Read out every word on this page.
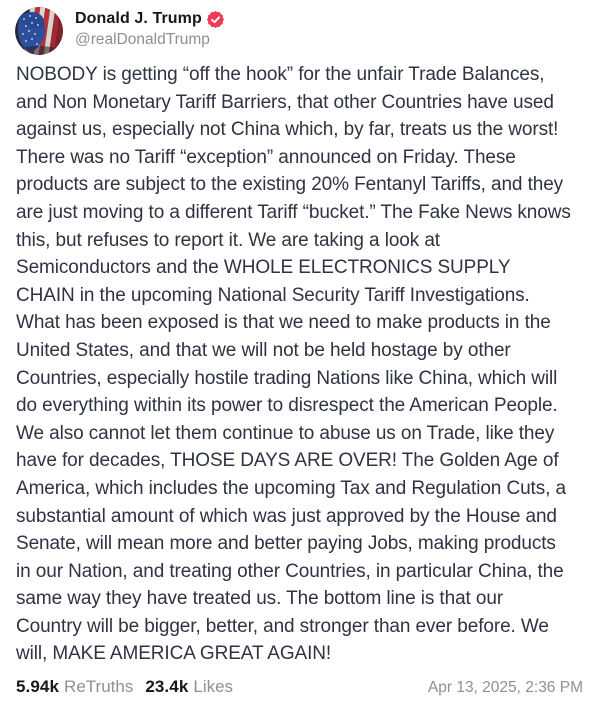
Donald J. Trump
@realDonaldTrump

NOBODY is getting “off the hook” for the unfair Trade Balances, and Non Monetary Tariff Barriers, that other Countries have used against us, especially not China which, by far, treats us the worst! There was no Tariff “exception” announced on Friday. These products are subject to the existing 20% Fentanyl Tariffs, and they are just moving to a different Tariff “bucket.” The Fake News knows this, but refuses to report it. We are taking a look at Semiconductors and the WHOLE ELECTRONICS SUPPLY CHAIN in the upcoming National Security Tariff Investigations. What has been exposed is that we need to make products in the United States, and that we will not be held hostage by other Countries, especially hostile trading Nations like China, which will do everything within its power to disrespect the American People. We also cannot let them continue to abuse us on Trade, like they have for decades, THOSE DAYS ARE OVER! The Golden Age of America, which includes the upcoming Tax and Regulation Cuts, a substantial amount of which was just approved by the House and Senate, will mean more and better paying Jobs, making products in our Nation, and treating other Countries, in particular China, the same way they have treated us. The bottom line is that our Country will be bigger, better, and stronger than ever before. We will, MAKE AMERICA GREAT AGAIN!

5.94k ReTruths 23.4k Likes	Apr 13, 2025, 2:36 PM
